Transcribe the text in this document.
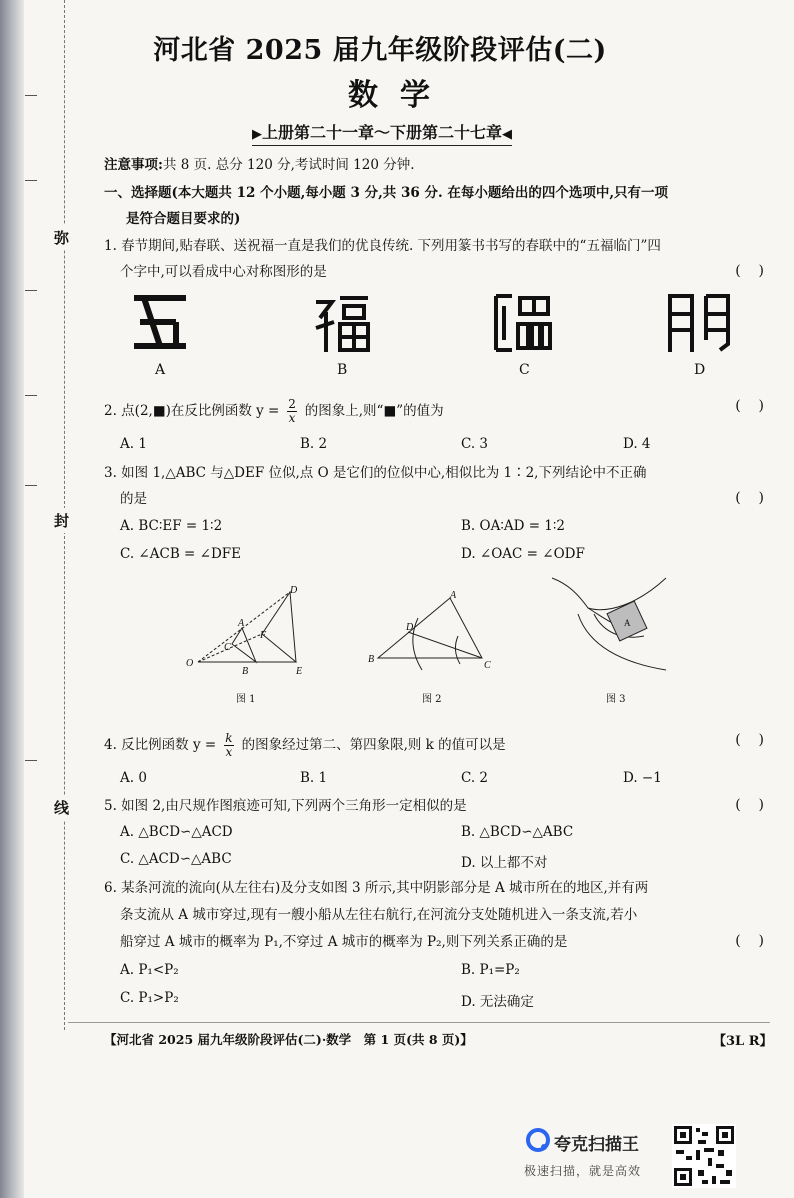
弥
封
线
河北省 2025 届九年级阶段评估(二)
数学
▶上册第二十一章～下册第二十七章◀
注意事项:共 8 页. 总分 120 分,考试时间 120 分钟.
一、选择题(本大题共 12 个小题,每小题 3 分,共 36 分. 在每小题给出的四个选项中,只有一项
是符合题目要求的)
1. 春节期间,贴春联、送祝福一直是我们的优良传统. 下列用篆书书写的春联中的“五福临门”四
个字中,可以看成中心对称图形的是	(    )
A	B	C	D
2. 点(2,■)在反比例函数 $y = \frac{2}{x}$ 的图象上,则“■”的值为	(    )
A. 1	B. 2	C. 3	D. 4
3. 如图 1,△ABC 与△DEF 位似,点 O 是它们的位似中心,相似比为 1∶2,下列结论中不正确
的是	(    )
A. BC∶EF = 1∶2	B. OA∶AD = 1∶2
C. ∠ACB = ∠DFE	D. ∠OAC = ∠ODF
D
A
F
C
O
B	E
图 1
A
D
B
C
图 2
A
图 3
4. 反比例函数 $y = \frac{k}{x}$ 的图象经过第二、第四象限,则 k 的值可以是	(    )
A. 0	B. 1	C. 2	D. −1
5. 如图 2,由尺规作图痕迹可知,下列两个三角形一定相似的是	(    )
A. △BCD∽△ACD	B. △BCD∽△ABC
C. △ACD∽△ABC	D. 以上都不对
6. 某条河流的流向(从左往右)及分支如图 3 所示,其中阴影部分是 A 城市所在的地区,并有两
条支流从 A 城市穿过,现有一艘小船从左往右航行,在河流分支处随机进入一条支流,若小
船穿过 A 城市的概率为 P₁,不穿过 A 城市的概率为 P₂,则下列关系正确的是	(    )
A. P₁<P₂	B. P₁=P₂
C. P₁>P₂	D. 无法确定
【河北省 2025 届九年级阶段评估(二)·数学　第 1 页(共 8 页)】	【3L R】
夸克扫描王
极速扫描，就是高效
